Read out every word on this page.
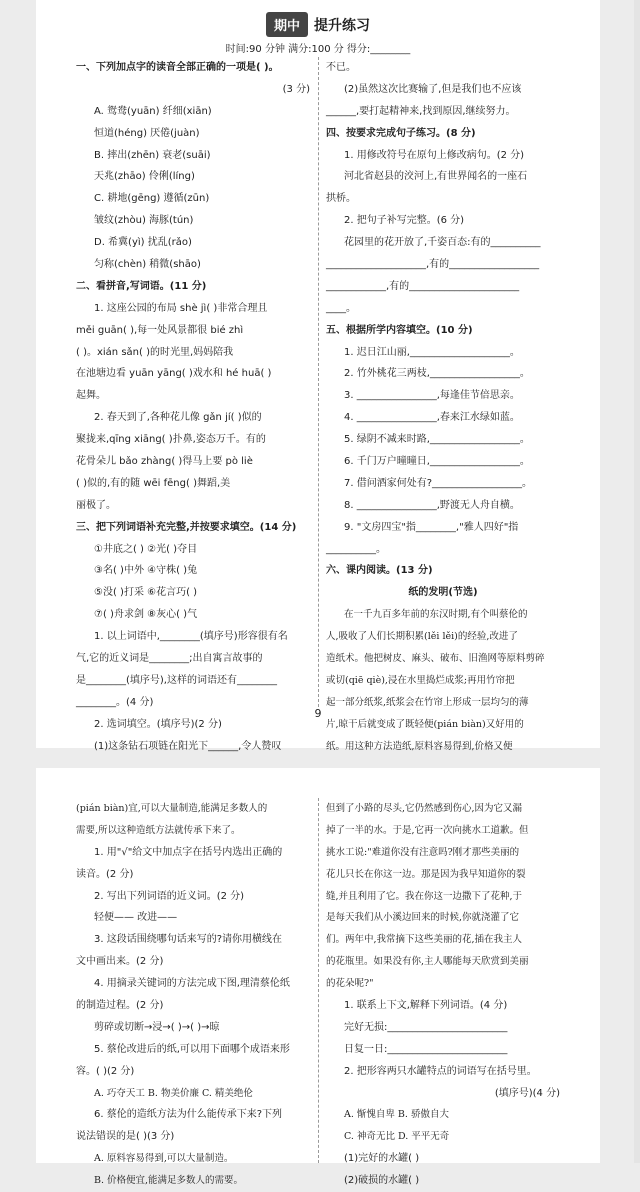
期中 提升练习
时间:90 分钟 满分:100 分 得分:________
一、下列加点字的读音全部正确的一项是( )。
(3 分)
A. 鸳鸯(yuān) 纤细(xiān)
恒道(héng) 厌倦(juàn)
B. 摔出(zhēn) 衰老(suāi)
天兆(zhāo) 伶俐(líng)
C. 耕地(gēng) 遵循(zūn)
皱纹(zhòu) 海豚(tún)
D. 希冀(yì) 扰乱(rǎo)
匀称(chèn) 稍微(shāo)
二、看拼音,写词语。(11 分)
1. 这座公园的布局 shè jì( )非常合理且
měi guān( ),每一处风景都很 bié zhì
( )。xián sǎn( )的时光里,妈妈陪我
在池塘边看 yuān yāng( )戏水和 hé huā( )
起舞。
2. 春天到了,各种花儿像 gǎn jí( )似的
聚拢来,qīng xiāng( )扑鼻,姿态万千。有的
花骨朵儿 bǎo zhàng( )得马上要 pò liè
( )似的,有的随 wēi fēng( )舞蹈,美
丽极了。
三、把下列词语补充完整,并按要求填空。(14 分)
①井底之( ) ②光( )夺目
③名( )中外 ④守株( )兔
⑤没( )打采 ⑥花言巧( )
⑦( )舟求剑 ⑧灰心( )气
1. 以上词语中,________(填序号)形容很有名
气,它的近义词是________;出自寓言故事的
是________(填序号),这样的词语还有________
________。(4 分)
2. 选词填空。(填序号)(2 分)
(1)这条钻石项链在阳光下______,令人赞叹
不已。
(2)虽然这次比赛输了,但是我们也不应该
______,要打起精神来,找到原因,继续努力。
四、按要求完成句子练习。(8 分)
1. 用修改符号在原句上修改病句。(2 分)
河北省赵县的洨河上,有世界闻名的一座石
拱桥。
2. 把句子补写完整。(6 分)
花园里的花开放了,千姿百态:有的__________
____________________,有的__________________
____________,有的______________________
____。
五、根据所学内容填空。(10 分)
1. 迟日江山丽,____________________。
2. 竹外桃花三两枝,__________________。
3. ________________,每逢佳节倍思亲。
4. ________________,春来江水绿如蓝。
5. 绿阴不减来时路,__________________。
6. 千门万户曈曈日,__________________。
7. 借问酒家何处有?__________________。
8. ________________,野渡无人舟自横。
9. "文房四宝"指________,"雅人四好"指
__________。
六、课内阅读。(13 分)
纸的发明(节选)
在一千九百多年前的东汉时期,有个叫蔡伦的
人,吸收了人们长期积累(lěi lěi)的经验,改进了
造纸术。他把树皮、麻头、破布、旧渔网等原料剪碎
或切(qiē qiè),浸在水里捣烂成浆;再用竹帘把
起一部分纸浆,纸浆会在竹帘上形成一层均匀的薄
片,晾干后就变成了既轻便(pián biàn)又好用的
纸。用这种方法造纸,原料容易得到,价格又便
9
(pián biàn)宜,可以大量制造,能满足多数人的
需要,所以这种造纸方法就传承下来了。
1. 用"√"给文中加点字在括号内选出正确的
读音。(2 分)
2. 写出下列词语的近义词。(2 分)
轻便—— 改进——
3. 这段话围绕哪句话来写的?请你用横线在
文中画出来。(2 分)
4. 用摘录关键词的方法完成下图,理清蔡伦纸
的制造过程。(2 分)
剪碎或切断→浸→( )→( )→晾
5. 蔡伦改进后的纸,可以用下面哪个成语来形
容。( )(2 分)
A. 巧夺天工 B. 物美价廉 C. 精美绝伦
6. 蔡伦的造纸方法为什么能传承下来?下列
说法错误的是( )(3 分)
A. 原料容易得到,可以大量制造。
B. 价格便宜,能满足多数人的需要。
但到了小路的尽头,它仍然感到伤心,因为它又漏
掉了一半的水。于是,它再一次向挑水工道歉。但
挑水工说:"难道你没有注意吗?刚才那些美丽的
花儿只长在你这一边。那是因为我早知道你的裂
缝,并且利用了它。我在你这一边撒下了花种,于
是每天我们从小溪边回来的时候,你就浇灌了它
们。两年中,我常摘下这些美丽的花,插在我主人
的花瓶里。如果没有你,主人哪能每天欣赏到美丽
的花朵呢?"
1. 联系上下文,解释下列词语。(4 分)
完好无损:________________________
日复一日:________________________
2. 把形容两只水罐特点的词语写在括号里。
(填序号)(4 分)
A. 惭愧自卑 B. 骄傲自大
C. 神奇无比 D. 平平无奇
(1)完好的水罐( )
(2)破损的水罐( )
